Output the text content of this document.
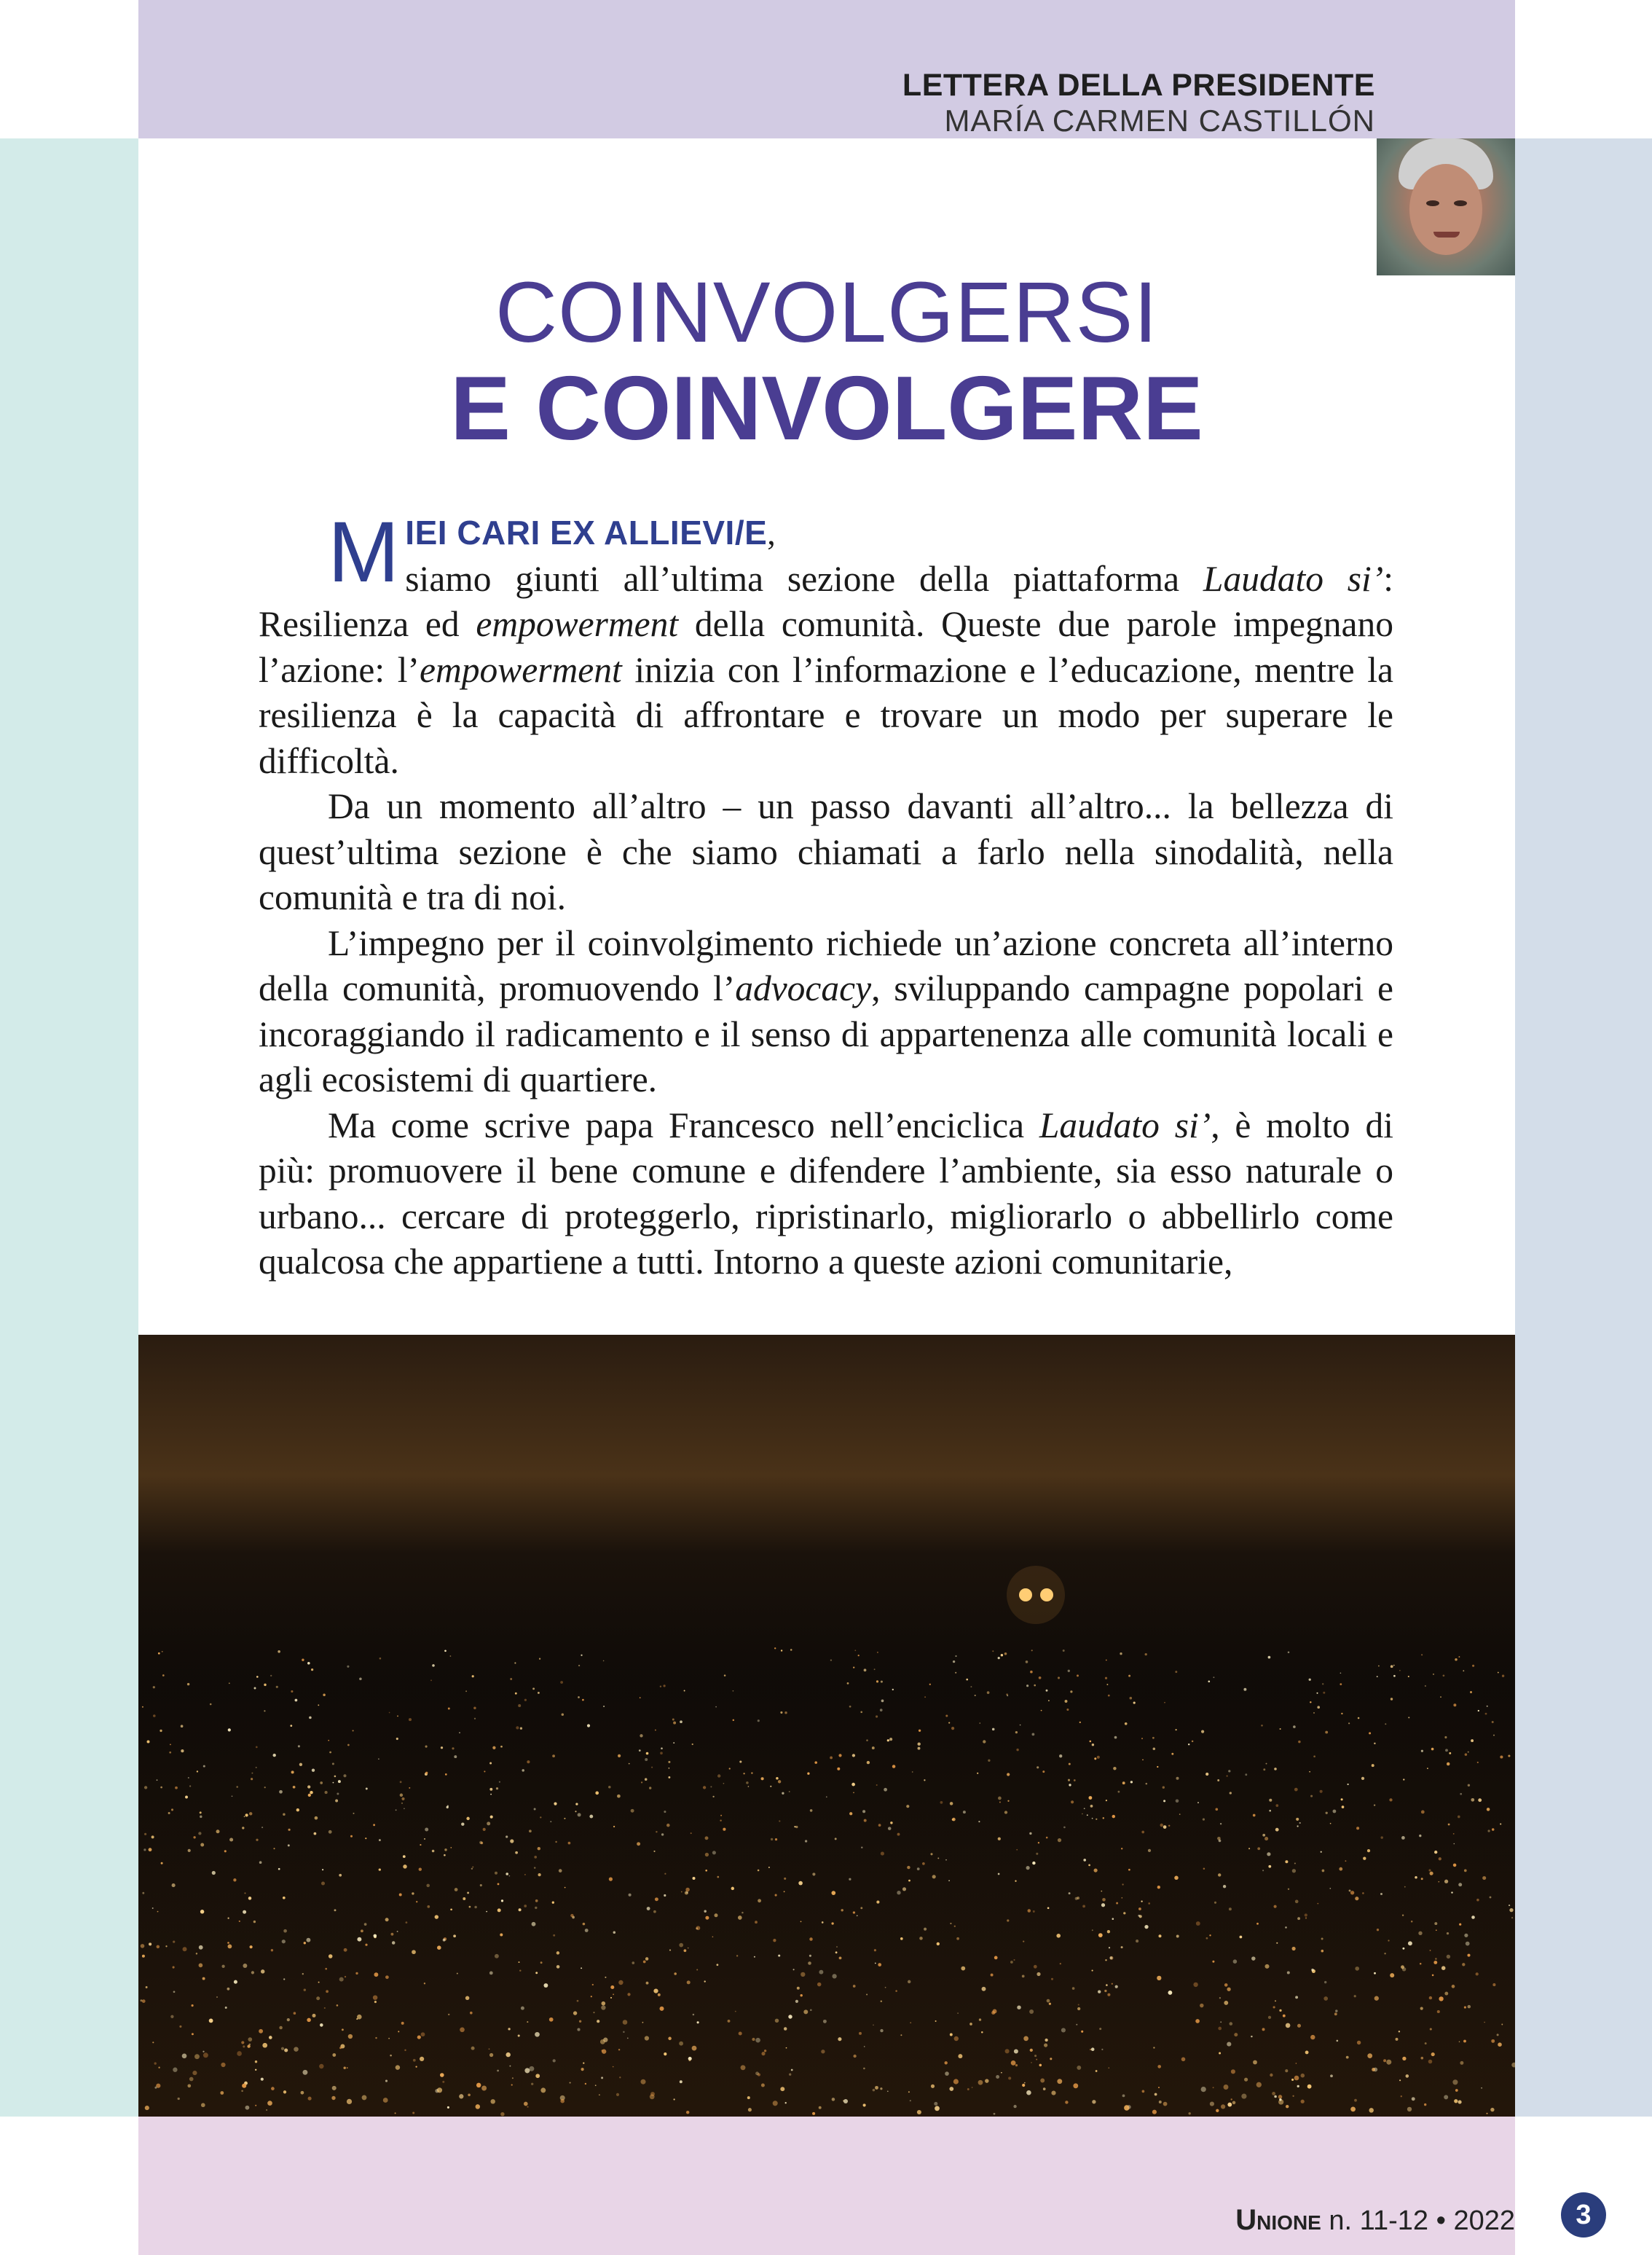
LETTERA DELLA PRESIDENTE
MARÍA CARMEN CASTILLÓN
COINVOLGERSI
E COINVOLGERE

M IEI CARI EX ALLIEVI/E,
siamo giunti all’ultima sezione della piattaforma Laudato si’: Resilienza ed empowerment della comunità. Queste due parole impegnano l’azione: l’empowerment inizia con l’informazione e l’educazione, mentre la resilienza è la capacità di affrontare e trovare un modo per superare le difficoltà.

Da un momento all’altro – un passo davanti all’altro... la bellezza di quest’ultima sezione è che siamo chiamati a farlo nella sinodalità, nella comunità e tra di noi.

L’impegno per il coinvolgimento richiede un’azione concreta all’interno della comunità, promuovendo l’advocacy, sviluppando campagne popolari e incoraggiando il radicamento e il senso di appartenenza alle comunità locali e agli ecosistemi di quartiere.

Ma come scrive papa Francesco nell’enciclica Laudato si’, è molto di più: promuovere il bene comune e difendere l’ambiente, sia esso naturale o urbano... cercare di proteggerlo, ripristinarlo, migliorarlo o abbellirlo come qualcosa che appartiene a tutti. Intorno a queste azioni comunitarie,

Unione n. 11-12 • 2022	3
